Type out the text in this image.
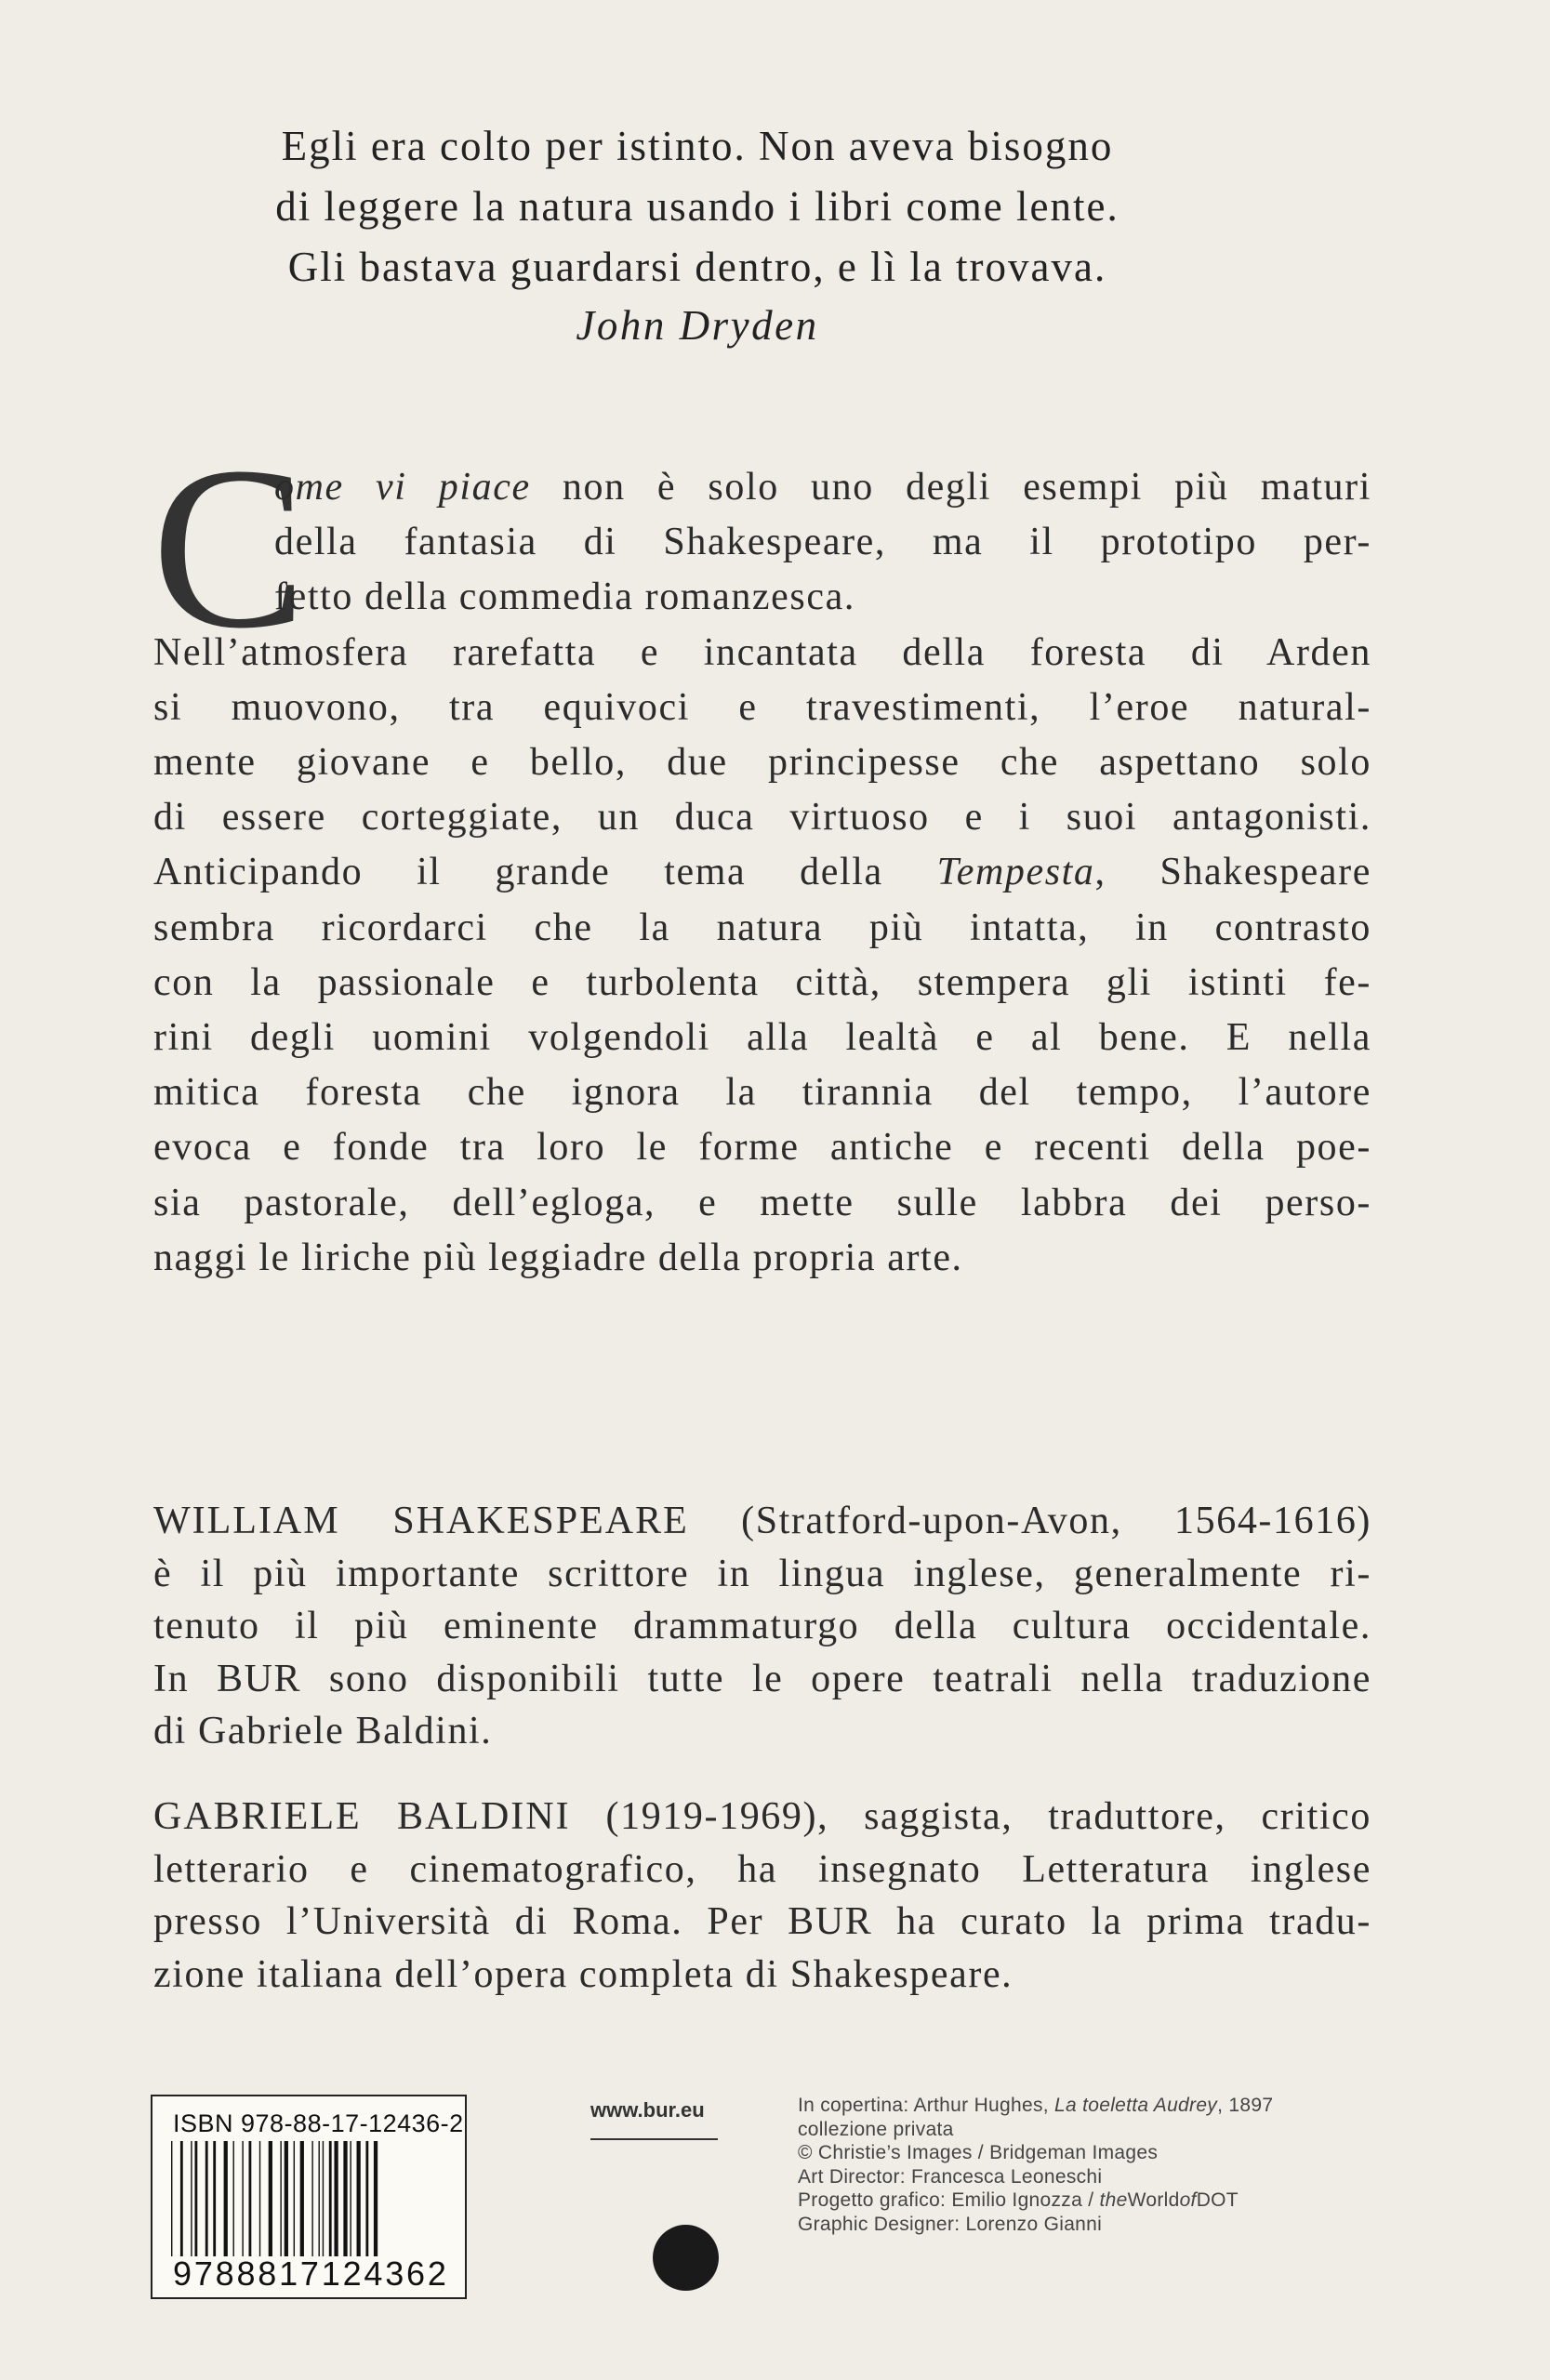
Egli era colto per istinto. Non aveva bisogno
di leggere la natura usando i libri come lente.
Gli bastava guardarsi dentro, e lì la trovava.
John Dryden
C
ome vi piace non è solo uno degli esempi più maturi
della fantasia di Shakespeare, ma il prototipo per-
fetto della commedia romanzesca.
Nell’atmosfera rarefatta e incantata della foresta di Arden
si muovono, tra equivoci e travestimenti, l’eroe natural-
mente giovane e bello, due principesse che aspettano solo
di essere corteggiate, un duca virtuoso e i suoi antagonisti.
Anticipando il grande tema della Tempesta, Shakespeare
sembra ricordarci che la natura più intatta, in contrasto
con la passionale e turbolenta città, stempera gli istinti fe-
rini degli uomini volgendoli alla lealtà e al bene. E nella
mitica foresta che ignora la tirannia del tempo, l’autore
evoca e fonde tra loro le forme antiche e recenti della poe-
sia pastorale, dell’egloga, e mette sulle labbra dei perso-
naggi le liriche più leggiadre della propria arte.
WILLIAM SHAKESPEARE (Stratford-upon-Avon, 1564-1616)
è il più importante scrittore in lingua inglese, generalmente ri-
tenuto il più eminente drammaturgo della cultura occidentale.
In BUR sono disponibili tutte le opere teatrali nella traduzione
di Gabriele Baldini.
GABRIELE BALDINI (1919-1969), saggista, traduttore, critico
letterario e cinematografico, ha insegnato Letteratura inglese
presso l’Università di Roma. Per BUR ha curato la prima tradu-
zione italiana dell’opera completa di Shakespeare.
ISBN 978-88-17-12436-2
9788817124362
www.bur.eu	In copertina: Arthur Hughes, La toeletta Audrey, 1897
collezione privata
© Christie’s Images / Bridgeman Images
Art Director: Francesca Leoneschi
Progetto grafico: Emilio Ignozza / theWorldofDOT
Graphic Designer: Lorenzo Gianni
